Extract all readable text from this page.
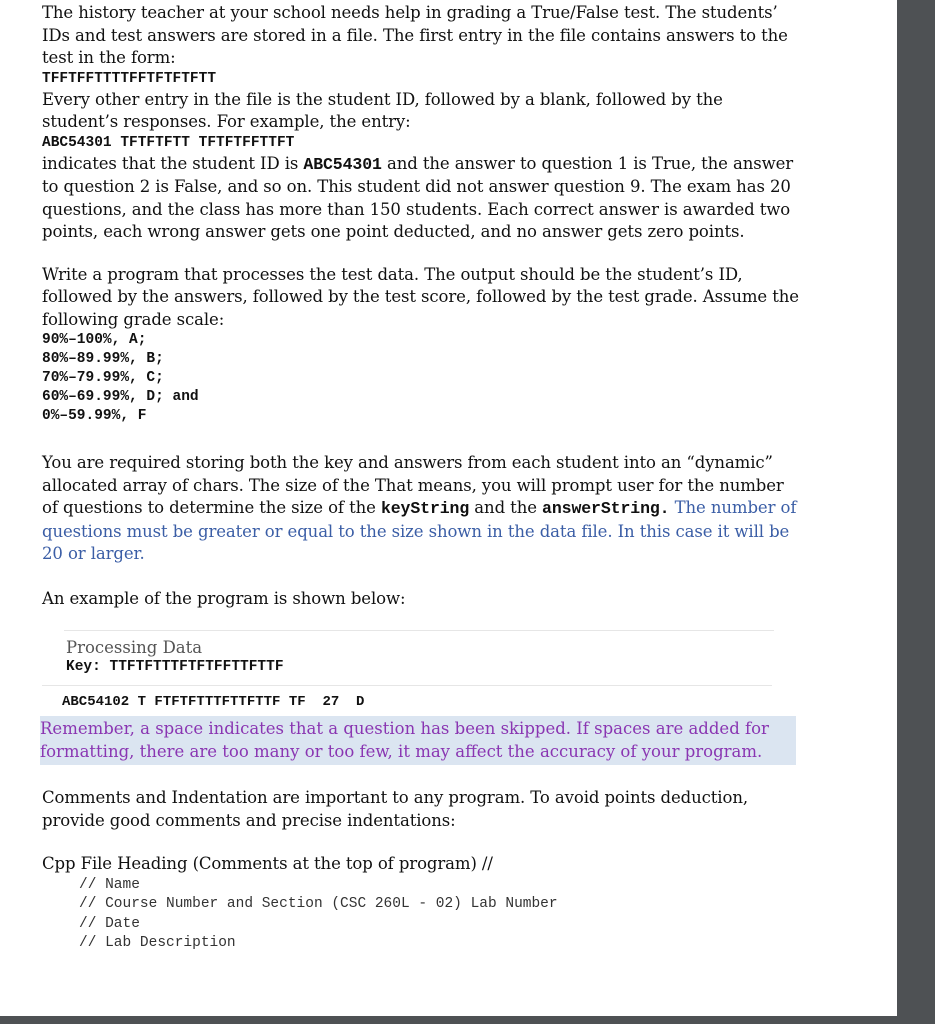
The history teacher at your school needs help in grading a True/False test. The students’ IDs and test answers are stored in a file. The first entry in the file contains answers to the test in the form:

TFFTFFTTTTFFTFTFTFTT

Every other entry in the file is the student ID, followed by a blank, followed by the student’s responses. For example, the entry:

ABC54301 TFTFTFTT TFTFTFFTTFT

indicates that the student ID is ABC54301 and the answer to question 1 is True, the answer to question 2 is False, and so on. This student did not answer question 9. The exam has 20 questions, and the class has more than 150 students. Each correct answer is awarded two points, each wrong answer gets one point deducted, and no answer gets zero points.

Write a program that processes the test data. The output should be the student’s ID, followed by the answers, followed by the test score, followed by the test grade. Assume the following grade scale:

90%–100%, A;

80%–89.99%, B;

70%–79.99%, C;

60%–69.99%, D; and

0%–59.99%, F

You are required storing both the key and answers from each student into an “dynamic” allocated array of chars. The size of the That means, you will prompt user for the number of questions to determine the size of the keyString and the answerString. The number of questions must be greater or equal to the size shown in the data file. In this case it will be 20 or larger.

An example of the program is shown below:

Processing Data

Key: TTFTFTTTFTFTFFTTFTTF

ABC54102 T FTFTFTTTFTTFTTF TF  27  D

Remember, a space indicates that a question has been skipped. If spaces are added for formatting, there are too many or too few, it may affect the accuracy of your program.

Comments and Indentation are important to any program. To avoid points deduction, provide good comments and precise indentations:

Cpp File Heading (Comments at the top of program) //

// Name

// Course Number and Section (CSC 260L - 02) Lab Number

// Date

// Lab Description
